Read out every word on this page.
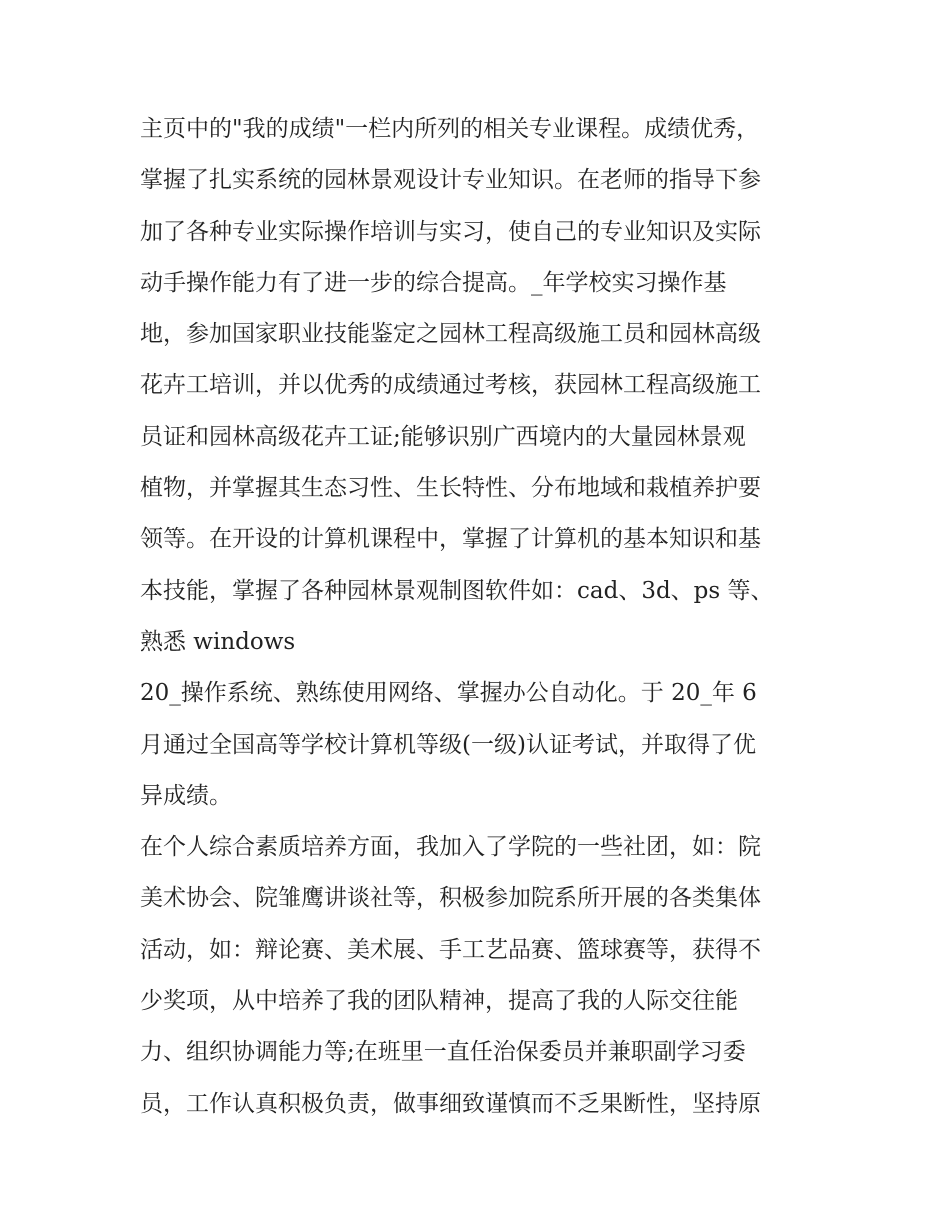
主页中的"我的成绩"一栏内所列的相关专业课程。成绩优秀，
掌握了扎实系统的园林景观设计专业知识。在老师的指导下参
加了各种专业实际操作培训与实习，使自己的专业知识及实际
动手操作能力有了进一步的综合提高。_年学校实习操作基
地，参加国家职业技能鉴定之园林工程高级施工员和园林高级
花卉工培训，并以优秀的成绩通过考核，获园林工程高级施工
员证和园林高级花卉工证;能够识别广西境内的大量园林景观
植物，并掌握其生态习性、生长特性、分布地域和栽植养护要
领等。在开设的计算机课程中，掌握了计算机的基本知识和基
本技能，掌握了各种园林景观制图软件如：cad、3d、ps 等、
熟悉 windows
20_操作系统、熟练使用网络、掌握办公自动化。于 20_年 6
月通过全国高等学校计算机等级(一级)认证考试，并取得了优
异成绩。
在个人综合素质培养方面，我加入了学院的一些社团，如：院
美术协会、院雏鹰讲谈社等，积极参加院系所开展的各类集体
活动，如：辩论赛、美术展、手工艺品赛、篮球赛等，获得不
少奖项，从中培养了我的团队精神，提高了我的人际交往能
力、组织协调能力等;在班里一直任治保委员并兼职副学习委
员，工作认真积极负责，做事细致谨慎而不乏果断性，坚持原
